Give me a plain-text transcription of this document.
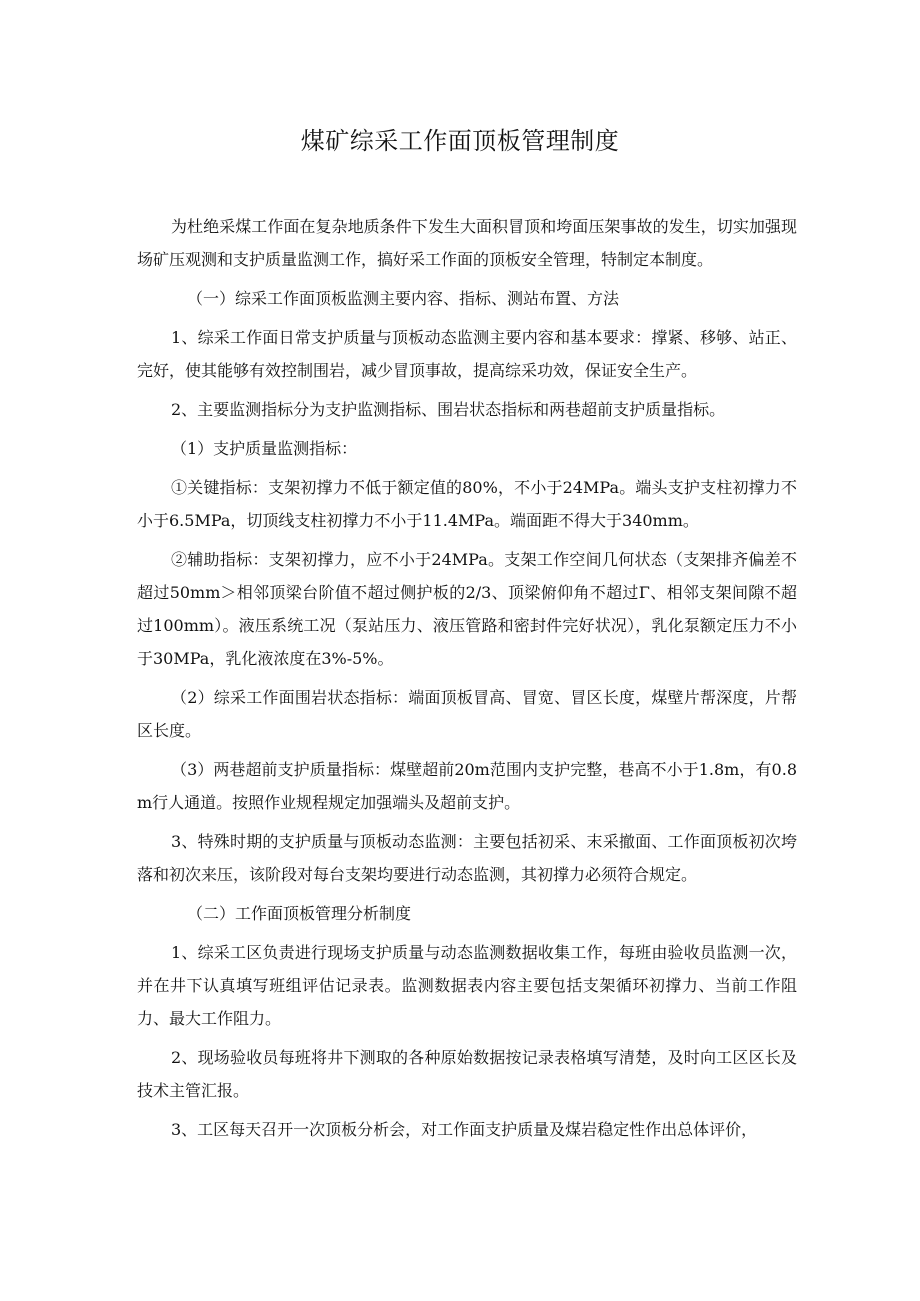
煤矿综采工作面顶板管理制度

为杜绝采煤工作面在复杂地质条件下发生大面积冒顶和垮面压架事故的发生，切实加强现场矿压观测和支护质量监测工作，搞好采工作面的顶板安全管理，特制定本制度。

（一）综采工作面顶板监测主要内容、指标、测站布置、方法

1、综采工作面日常支护质量与顶板动态监测主要内容和基本要求：撑紧、移够、站正、完好，使其能够有效控制围岩，减少冒顶事故，提高综采功效，保证安全生产。

2、主要监测指标分为支护监测指标、围岩状态指标和两巷超前支护质量指标。

（1）支护质量监测指标：

①关键指标：支架初撑力不低于额定值的80%，不小于24MPa。端头支护支柱初撑力不小于6.5MPa，切顶线支柱初撑力不小于11.4MPa。端面距不得大于340mm。

②辅助指标：支架初撑力，应不小于24MPa。支架工作空间几何状态（支架排齐偏差不超过50mm＞相邻顶梁台阶值不超过侧护板的2/3、顶梁俯仰角不超过Γ、相邻支架间隙不超过100mm）。液压系统工况（泵站压力、液压管路和密封件完好状况），乳化泵额定压力不小于30MPa，乳化液浓度在3%-5%。

（2）综采工作面围岩状态指标：端面顶板冒高、冒宽、冒区长度，煤壁片帮深度，片帮区长度。

（3）两巷超前支护质量指标：煤壁超前20m范围内支护完整，巷高不小于1.8m，有0.8m行人通道。按照作业规程规定加强端头及超前支护。

3、特殊时期的支护质量与顶板动态监测：主要包括初采、末采撤面、工作面顶板初次垮落和初次来压，该阶段对每台支架均要进行动态监测，其初撑力必须符合规定。

（二）工作面顶板管理分析制度

1、综采工区负责进行现场支护质量与动态监测数据收集工作，每班由验收员监测一次，并在井下认真填写班组评估记录表。监测数据表内容主要包括支架循环初撑力、当前工作阻力、最大工作阻力。

2、现场验收员每班将井下测取的各种原始数据按记录表格填写清楚，及时向工区区长及技术主管汇报。

3、工区每天召开一次顶板分析会，对工作面支护质量及煤岩稳定性作出总体评价，
